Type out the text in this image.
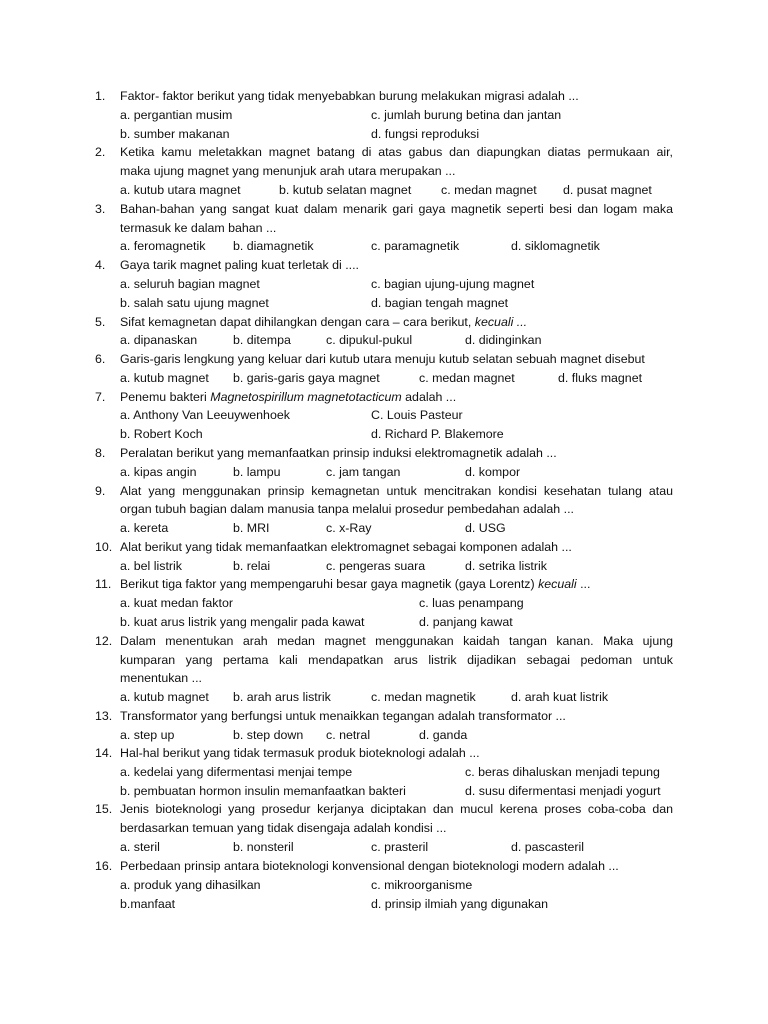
1. Faktor- faktor berikut yang tidak menyebabkan burung melakukan migrasi adalah ...
a. pergantian musim	c. jumlah burung betina dan jantan
b. sumber makanan	d. fungsi reproduksi
2. Ketika kamu meletakkan magnet batang di atas gabus dan diapungkan diatas permukaan air,
maka ujung magnet yang menunjuk arah utara merupakan ...
a. kutub utara magnet	b. kutub selatan magnet c. medan magnet d. pusat magnet
3. Bahan-bahan yang sangat kuat dalam menarik gari gaya magnetik seperti besi dan logam maka
termasuk ke dalam bahan ...
a. feromagnetik b. diamagnetik	c. paramagnetik	d. siklomagnetik
4. Gaya tarik magnet paling kuat terletak di ....
a. seluruh bagian magnet	c. bagian ujung-ujung magnet
b. salah satu ujung magnet	d. bagian tengah magnet
5. Sifat kemagnetan dapat dihilangkan dengan cara – cara berikut, kecuali ...
a. dipanaskan	b. ditempa	c. dipukul-pukul	d. didinginkan
6. Garis-garis lengkung yang keluar dari kutub utara menuju kutub selatan sebuah magnet disebut
a. kutub magnet b. garis-garis gaya magnet	c. medan magnet	d. fluks magnet
7. Penemu bakteri Magnetospirillum magnetotacticum adalah ...
a. Anthony Van Leeuywenhoek	C. Louis Pasteur
b. Robert Koch	d. Richard P. Blakemore
8. Peralatan berikut yang memanfaatkan prinsip induksi elektromagnetik adalah ...
a. kipas angin	b. lampu	c. jam tangan	d. kompor
9. Alat yang menggunakan prinsip kemagnetan untuk mencitrakan kondisi kesehatan tulang atau
organ tubuh bagian dalam manusia tanpa melalui prosedur pembedahan adalah ...
a. kereta	b. MRI	c. x-Ray	d. USG
10. Alat berikut yang tidak memanfaatkan elektromagnet sebagai komponen adalah ...
a. bel listrik	b. relai	c. pengeras suara	d. setrika listrik
11. Berikut tiga faktor yang mempengaruhi besar gaya magnetik (gaya Lorentz) kecuali ...
a. kuat medan faktor	c. luas penampang
b. kuat arus listrik yang mengalir pada kawat	d. panjang kawat
12. Dalam menentukan arah medan magnet menggunakan kaidah tangan kanan. Maka ujung
kumparan yang pertama kali mendapatkan arus listrik dijadikan sebagai pedoman untuk
menentukan ...
a. kutub magnet b. arah arus listrik	c. medan magnetik	d. arah kuat listrik
13. Transformator yang berfungsi untuk menaikkan tegangan adalah transformator ...
a. step up	b. step down c. netral	d. ganda
14. Hal-hal berikut yang tidak termasuk produk bioteknologi adalah ...
a. kedelai yang difermentasi menjai tempe	c. beras dihaluskan menjadi tepung
b. pembuatan hormon insulin memanfaatkan bakteri	d. susu difermentasi menjadi yogurt
15. Jenis bioteknologi yang prosedur kerjanya diciptakan dan mucul kerena proses coba-coba dan
berdasarkan temuan yang tidak disengaja adalah kondisi ...
a. steril	b. nonsteril	c. prasteril	d. pascasteril
16. Perbedaan prinsip antara bioteknologi konvensional dengan bioteknologi modern adalah ...
a. produk yang dihasilkan	c. mikroorganisme
b.manfaat	d. prinsip ilmiah yang digunakan
